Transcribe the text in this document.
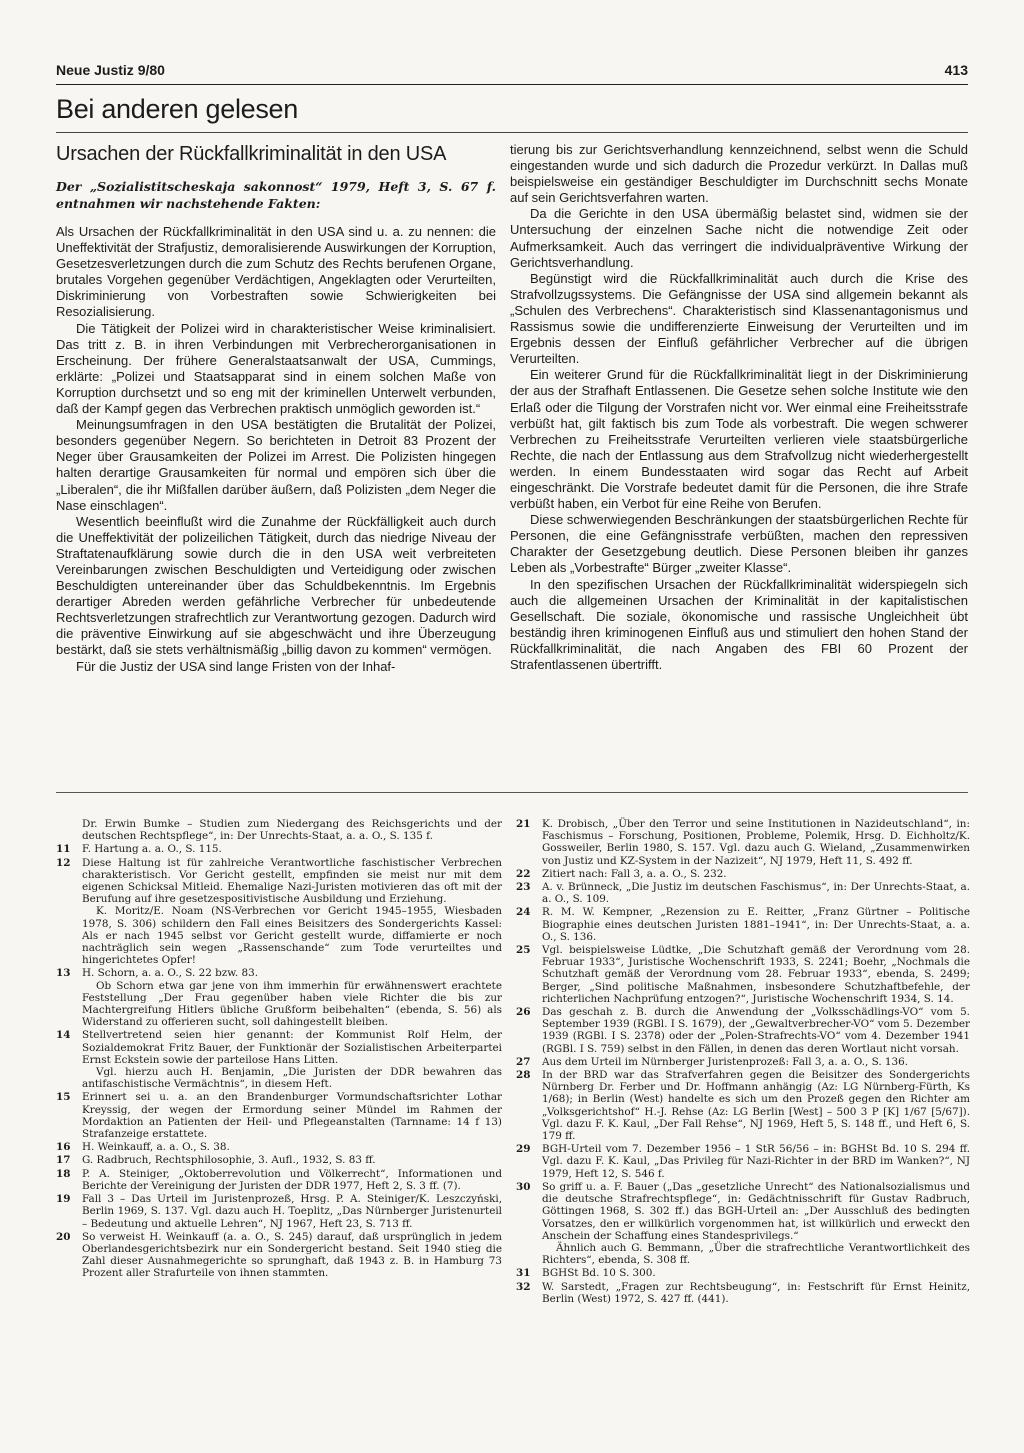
Neue Justiz 9/80	413
Bei anderen gelesen
Ursachen der Rückfallkriminalität in den USA

Der „Sozialistitscheskaja sakonnost“ 1979, Heft 3, S. 67 f. entnahmen wir nachstehende Fakten:

Als Ursachen der Rückfallkriminalität in den USA sind u. a. zu nennen: die Uneffektivität der Strafjustiz, demoralisierende Auswirkungen der Korruption, Gesetzesverletzungen durch die zum Schutz des Rechts berufenen Organe, brutales Vorgehen gegenüber Verdächtigen, Angeklagten oder Verurteilten, Diskriminierung von Vorbestraften sowie Schwierigkeiten bei Resozialisierung.

Die Tätigkeit der Polizei wird in charakteristischer Weise kriminalisiert. Das tritt z. B. in ihren Verbindungen mit Verbrecherorganisationen in Erscheinung. Der frühere Generalstaatsanwalt der USA, Cummings, erklärte: „Polizei und Staatsapparat sind in einem solchen Maße von Korruption durchsetzt und so eng mit der kriminellen Unterwelt verbunden, daß der Kampf gegen das Verbrechen praktisch unmöglich geworden ist.“

Meinungsumfragen in den USA bestätigten die Brutalität der Polizei, besonders gegenüber Negern. So berichteten in Detroit 83 Prozent der Neger über Grausamkeiten der Polizei im Arrest. Die Polizisten hingegen halten derartige Grausamkeiten für normal und empören sich über die „Liberalen“, die ihr Mißfallen darüber äußern, daß Polizisten „dem Neger die Nase einschlagen“.

Wesentlich beeinflußt wird die Zunahme der Rückfälligkeit auch durch die Uneffektivität der polizeilichen Tätigkeit, durch das niedrige Niveau der Straftatenaufklärung sowie durch die in den USA weit verbreiteten Vereinbarungen zwischen Beschuldigten und Verteidigung oder zwischen Beschuldigten untereinander über das Schuldbekenntnis. Im Ergebnis derartiger Abreden werden gefährliche Verbrecher für unbedeutende Rechtsverletzungen strafrechtlich zur Verantwortung gezogen. Dadurch wird die präventive Einwirkung auf sie abgeschwächt und ihre Überzeugung bestärkt, daß sie stets verhältnismäßig „billig davon zu kommen“ vermögen.

Für die Justiz der USA sind lange Fristen von der Inhaf-

tierung bis zur Gerichtsverhandlung kennzeichnend, selbst wenn die Schuld eingestanden wurde und sich dadurch die Prozedur verkürzt. In Dallas muß beispielsweise ein geständiger Beschuldigter im Durchschnitt sechs Monate auf sein Gerichtsverfahren warten.

Da die Gerichte in den USA übermäßig belastet sind, widmen sie der Untersuchung der einzelnen Sache nicht die notwendige Zeit oder Aufmerksamkeit. Auch das verringert die individualpräventive Wirkung der Gerichtsverhandlung.

Begünstigt wird die Rückfallkriminalität auch durch die Krise des Strafvollzugssystems. Die Gefängnisse der USA sind allgemein bekannt als „Schulen des Verbrechens“. Charakteristisch sind Klassenantagonismus und Rassismus sowie die undifferenzierte Einweisung der Verurteilten und im Ergebnis dessen der Einfluß gefährlicher Verbrecher auf die übrigen Verurteilten.

Ein weiterer Grund für die Rückfallkriminalität liegt in der Diskriminierung der aus der Strafhaft Entlassenen. Die Gesetze sehen solche Institute wie den Erlaß oder die Tilgung der Vorstrafen nicht vor. Wer einmal eine Freiheitsstrafe verbüßt hat, gilt faktisch bis zum Tode als vorbestraft. Die wegen schwerer Verbrechen zu Freiheitsstrafe Verurteilten verlieren viele staatsbürgerliche Rechte, die nach der Entlassung aus dem Strafvollzug nicht wiederhergestellt werden. In einem Bundesstaaten wird sogar das Recht auf Arbeit eingeschränkt. Die Vorstrafe bedeutet damit für die Personen, die ihre Strafe verbüßt haben, ein Verbot für eine Reihe von Berufen.

Diese schwerwiegenden Beschränkungen der staatsbürgerlichen Rechte für Personen, die eine Gefängnisstrafe verbüßten, machen den repressiven Charakter der Gesetzgebung deutlich. Diese Personen bleiben ihr ganzes Leben als „Vorbestrafte“ Bürger „zweiter Klasse“.

In den spezifischen Ursachen der Rückfallkriminalität widerspiegeln sich auch die allgemeinen Ursachen der Kriminalität in der kapitalistischen Gesellschaft. Die soziale, ökonomische und rassische Ungleichheit übt beständig ihren kriminogenen Einfluß aus und stimuliert den hohen Stand der Rückfallkriminalität, die nach Angaben des FBI 60 Prozent der Strafentlassenen übertrifft.

Dr. Erwin Bumke – Studien zum Niedergang des Reichsgerichts und der deutschen Rechtspflege“, in: Der Unrechts-Staat, a. a. O., S. 135 f.
11 F. Hartung a. a. O., S. 115.
12 Diese Haltung ist für zahlreiche Verantwortliche faschistischer Verbrechen charakteristisch. Vor Gericht gestellt, empfinden sie meist nur mit dem eigenen Schicksal Mitleid. Ehemalige Nazi-Juristen motivieren das oft mit der Berufung auf ihre gesetzespositivistische Ausbildung und Erziehung.
K. Moritz/E. Noam (NS-Verbrechen vor Gericht 1945–1955, Wiesbaden 1978, S. 306) schildern den Fall eines Beisitzers des Sondergerichts Kassel: Als er nach 1945 selbst vor Gericht gestellt wurde, diffamierte er noch nachträglich sein wegen „Rassenschande“ zum Tode verurteiltes und hingerichtetes Opfer!
13 H. Schorn, a. a. O., S. 22 bzw. 83.
Ob Schorn etwa gar jene von ihm immerhin für erwähnenswert erachtete Feststellung „Der Frau gegenüber haben viele Richter die bis zur Machtergreifung Hitlers übliche Grußform beibehalten“ (ebenda, S. 56) als Widerstand zu offerieren sucht, soll dahingestellt bleiben.
14 Stellvertretend seien hier genannt: der Kommunist Rolf Helm, der Sozialdemokrat Fritz Bauer, der Funktionär der Sozialistischen Arbeiterpartei Ernst Eckstein sowie der parteilose Hans Litten.
Vgl. hierzu auch H. Benjamin, „Die Juristen der DDR bewahren das antifaschistische Vermächtnis“, in diesem Heft.
15 Erinnert sei u. a. an den Brandenburger Vormundschaftsrichter Lothar Kreyssig, der wegen der Ermordung seiner Mündel im Rahmen der Mordaktion an Patienten der Heil- und Pflegeanstalten (Tarnname: 14 f 13) Strafanzeige erstattete.
16 H. Weinkauff, a. a. O., S. 38.
17 G. Radbruch, Rechtsphilosophie, 3. Aufl., 1932, S. 83 ff.
18 P. A. Steiniger, „Oktoberrevolution und Völkerrecht“, Informationen und Berichte der Vereinigung der Juristen der DDR 1977, Heft 2, S. 3 ff. (7).
19 Fall 3 – Das Urteil im Juristenprozeß, Hrsg. P. A. Steiniger/K. Leszczyński, Berlin 1969, S. 137. Vgl. dazu auch H. Toeplitz, „Das Nürnberger Juristenurteil – Bedeutung und aktuelle Lehren“, NJ 1967, Heft 23, S. 713 ff.
20 So verweist H. Weinkauff (a. a. O., S. 245) darauf, daß ursprünglich in jedem Oberlandesgerichtsbezirk nur ein Sondergericht bestand. Seit 1940 stieg die Zahl dieser Ausnahmegerichte so sprunghaft, daß 1943 z. B. in Hamburg 73 Prozent aller Strafurteile von ihnen stammten.
21 K. Drobisch, „Über den Terror und seine Institutionen in Nazideutschland“, in: Faschismus – Forschung, Positionen, Probleme, Polemik, Hrsg. D. Eichholtz/K. Gossweiler, Berlin 1980, S. 157. Vgl. dazu auch G. Wieland, „Zusammenwirken von Justiz und KZ-System in der Nazizeit“, NJ 1979, Heft 11, S. 492 ff.
22 Zitiert nach: Fall 3, a. a. O., S. 232.
23 A. v. Brünneck, „Die Justiz im deutschen Faschismus“, in: Der Unrechts-Staat, a. a. O., S. 109.
24 R. M. W. Kempner, „Rezension zu E. Reitter, „Franz Gürtner – Politische Biographie eines deutschen Juristen 1881–1941“, in: Der Unrechts-Staat, a. a. O., S. 136.
25 Vgl. beispielsweise Lüdtke, „Die Schutzhaft gemäß der Verordnung vom 28. Februar 1933“, Juristische Wochenschrift 1933, S. 2241; Boehr, „Nochmals die Schutzhaft gemäß der Verordnung vom 28. Februar 1933“, ebenda, S. 2499; Berger, „Sind politische Maßnahmen, insbesondere Schutzhaftbefehle, der richterlichen Nachprüfung entzogen?“, Juristische Wochenschrift 1934, S. 14.
26 Das geschah z. B. durch die Anwendung der „Volksschädlings-VO“ vom 5. September 1939 (RGBl. I S. 1679), der „Gewaltverbrecher-VO“ vom 5. Dezember 1939 (RGBl. I S. 2378) oder der „Polen-Strafrechts-VO“ vom 4. Dezember 1941 (RGBl. I S. 759) selbst in den Fällen, in denen das deren Wortlaut nicht vorsah.
27 Aus dem Urteil im Nürnberger Juristenprozeß: Fall 3, a. a. O., S. 136.
28 In der BRD war das Strafverfahren gegen die Beisitzer des Sondergerichts Nürnberg Dr. Ferber und Dr. Hoffmann anhängig (Az: LG Nürnberg-Fürth, Ks 1/68); in Berlin (West) handelte es sich um den Prozeß gegen den Richter am „Volksgerichtshof“ H.-J. Rehse (Az: LG Berlin [West] – 500 3 P [K] 1/67 [5/67]). Vgl. dazu F. K. Kaul, „Der Fall Rehse“, NJ 1969, Heft 5, S. 148 ff., und Heft 6, S. 179 ff.
29 BGH-Urteil vom 7. Dezember 1956 – 1 StR 56/56 – in: BGHSt Bd. 10 S. 294 ff. Vgl. dazu F. K. Kaul, „Das Privileg für Nazi-Richter in der BRD im Wanken?“, NJ 1979, Heft 12, S. 546 f.
30 So griff u. a. F. Bauer („Das „gesetzliche Unrecht“ des Nationalsozialismus und die deutsche Strafrechtspflege“, in: Gedächtnisschrift für Gustav Radbruch, Göttingen 1968, S. 302 ff.) das BGH-Urteil an: „Der Ausschluß des bedingten Vorsatzes, den er willkürlich vorgenommen hat, ist willkürlich und erweckt den Anschein der Schaffung eines Standesprivilegs.“
Ähnlich auch G. Bemmann, „Über die strafrechtliche Verantwortlichkeit des Richters“, ebenda, S. 308 ff.
31 BGHSt Bd. 10 S. 300.
32 W. Sarstedt, „Fragen zur Rechtsbeugung“, in: Festschrift für Ernst Heinitz, Berlin (West) 1972, S. 427 ff. (441).
